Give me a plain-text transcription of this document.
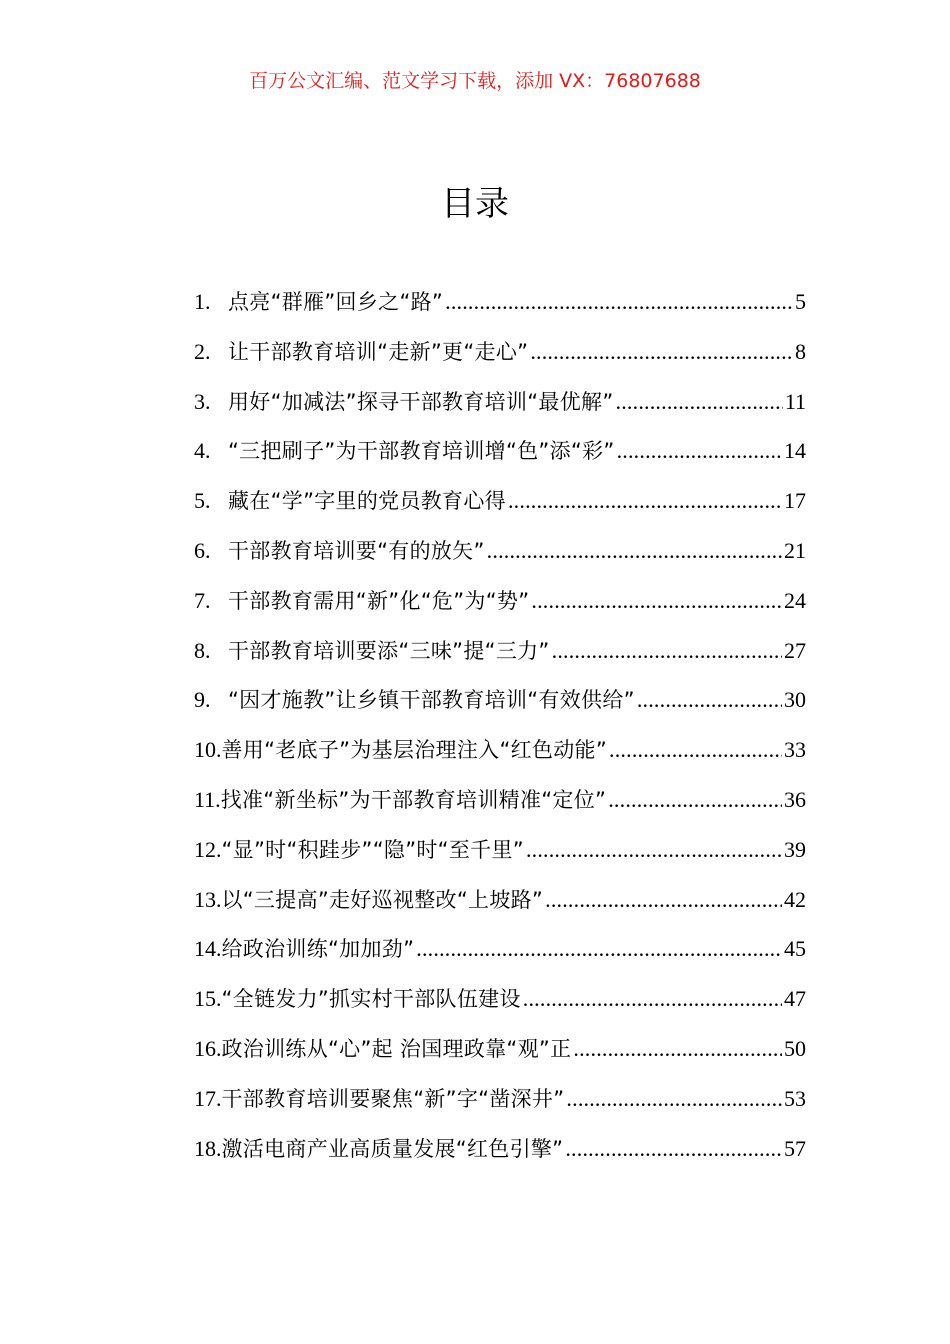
百万公文汇编、范文学习下载，添加 VX：76807688
目录
1. 点亮“群雁”回乡之“路” .....	5
2. 让干部教育培训“走新”更“走心” .....	8
3. 用好“加减法”探寻干部教育培训“最优解” .....	11
4. “三把刷子”为干部教育培训增“色”添“彩” .....	14
5. 藏在“学”字里的党员教育心得 .....	17
6. 干部教育培训要“有的放矢” .....	21
7. 干部教育需用“新”化“危”为“势” .....	24
8. 干部教育培训要添“三味”提“三力” .....	27
9. “因才施教”让乡镇干部教育培训“有效供给” .....	30
10. 善用“老底子”为基层治理注入“红色动能” .....	33
11. 找准“新坐标”为干部教育培训精准“定位” .....	36
12. “显”时“积跬步”“隐”时“至千里” .....	39
13. 以“三提高”走好巡视整改“上坡路” .....	42
14. 给政治训练“加加劲” .....	45
15. “全链发力”抓实村干部队伍建设 .....	47
16. 政治训练从“心”起 治国理政靠“观”正 .....	50
17. 干部教育培训要聚焦“新”字“凿深井” .....	53
18. 激活电商产业高质量发展“红色引擎” .....	57
